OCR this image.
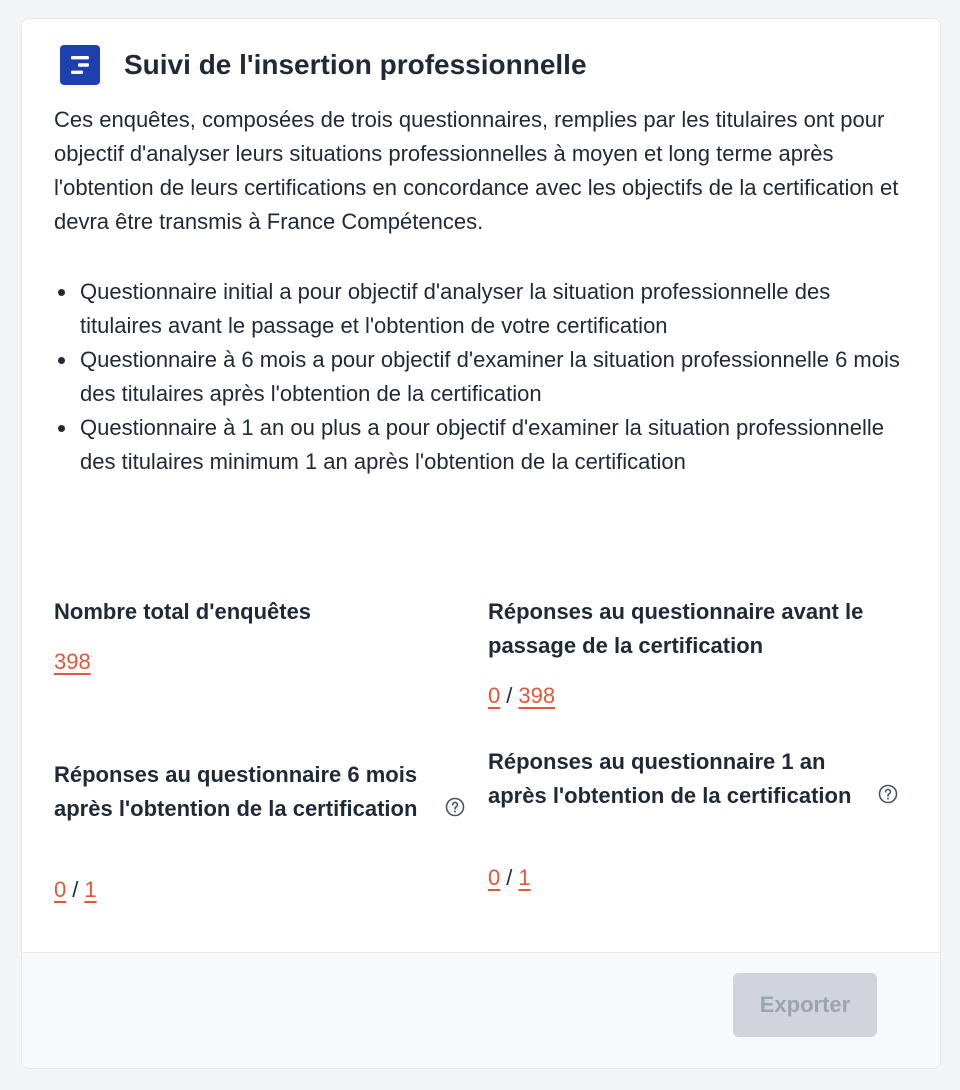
Suivi de l'insertion professionnelle

Ces enquêtes, composées de trois questionnaires, remplies par les titulaires ont pour objectif d'analyser leurs situations professionnelles à moyen et long terme après l'obtention de leurs certifications en concordance avec les objectifs de la certification et devra être transmis à France Compétences.

Questionnaire initial a pour objectif d'analyser la situation professionnelle des titulaires avant le passage et l'obtention de votre certification
Questionnaire à 6 mois a pour objectif d'examiner la situation professionnelle 6 mois des titulaires après l'obtention de la certification
Questionnaire à 1 an ou plus a pour objectif d'examiner la situation professionnelle des titulaires minimum 1 an après l'obtention de la certification
Nombre total d'enquêtes
398
Réponses au questionnaire avant le passage de la certification
0 / 398
Réponses au questionnaire 6 mois après l'obtention de la certification
0 / 1
Réponses au questionnaire 1 an après l'obtention de la certification
0 / 1
Exporter
